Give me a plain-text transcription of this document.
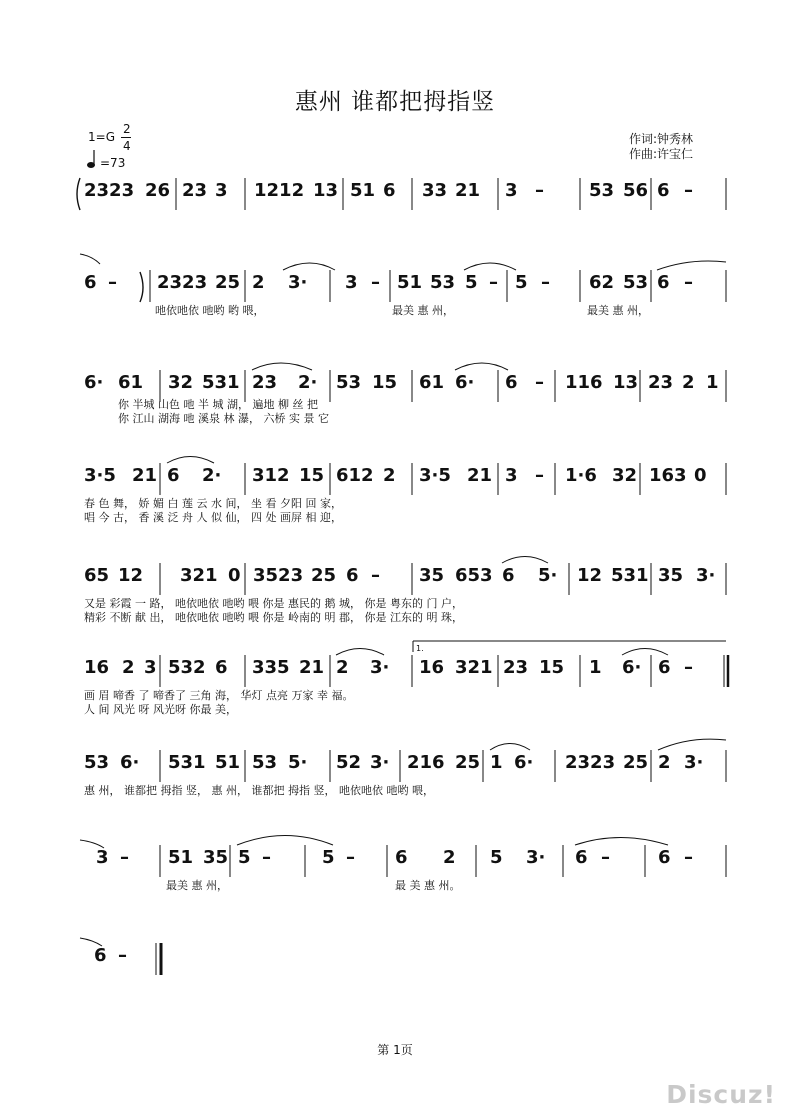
惠州 谁都把拇指竖
1=G
2
4
=73
作词:钟秀林
作曲:许宝仁
2323 26 23 3 1212 13 51 6 33 21 3 –	53 56 6 –
6 – 2323 25 2 3· 3 – 51 53 5 – 5 – 62 53 6 –
吔依吔依 吔哟 哟 喂，	最美 惠 州，	最美 惠 州，
6· 61 32 531 23 2· 53 15 61 6· 6 – 116 13 23 2 1
你 半城 山色 吔 半 城 湖， 遍地 柳 丝 把
你 江山 湖海 吔 溪泉 林 瀑， 六桥 实 景 它
3·5 21 6 2· 312 15 612 2 3·5 21 3 – 1·6 32 163 0
春 色 舞， 娇 媚 白 莲 云 水 间， 坐 看 夕阳 回 家，
唱 今 古， 香 溪 泛 舟 人 似 仙， 四 处 画屏 相 迎，
65 12 321 0 3523 25 6 – 35 653 6 5· 12 531 35 3·
又是 彩霞 一 路， 吔依吔依 吔哟 喂 你是 惠民的 鹅 城， 你是 粤东的 门 户，
精彩 不断 献 出， 吔依吔依 吔哟 喂 你是 岭南的 明 郡， 你是 江东的 明 珠，
16 2 3 532 6 335 21 2 3· 16 321 23 15 1 6· 6 –
画 眉 啼香 了 啼香了 三角 海， 华灯 点亮 万家 幸 福。
人 间 风光 呀 风光呀 你最 美，
53 6· 531 51 53 5· 52 3· 216 25 1 6· 2323 25 2 3·
惠 州， 谁都把 拇指 竖， 惠 州， 谁都把 拇指 竖， 吔依吔依 吔哟 喂，
3 – 51 35 5 –	5 – 6 2 5 3· 6 –	6 –
最美 惠 州，	最 美 惠 州。
6 –
1.
第 1页
Discuz!
